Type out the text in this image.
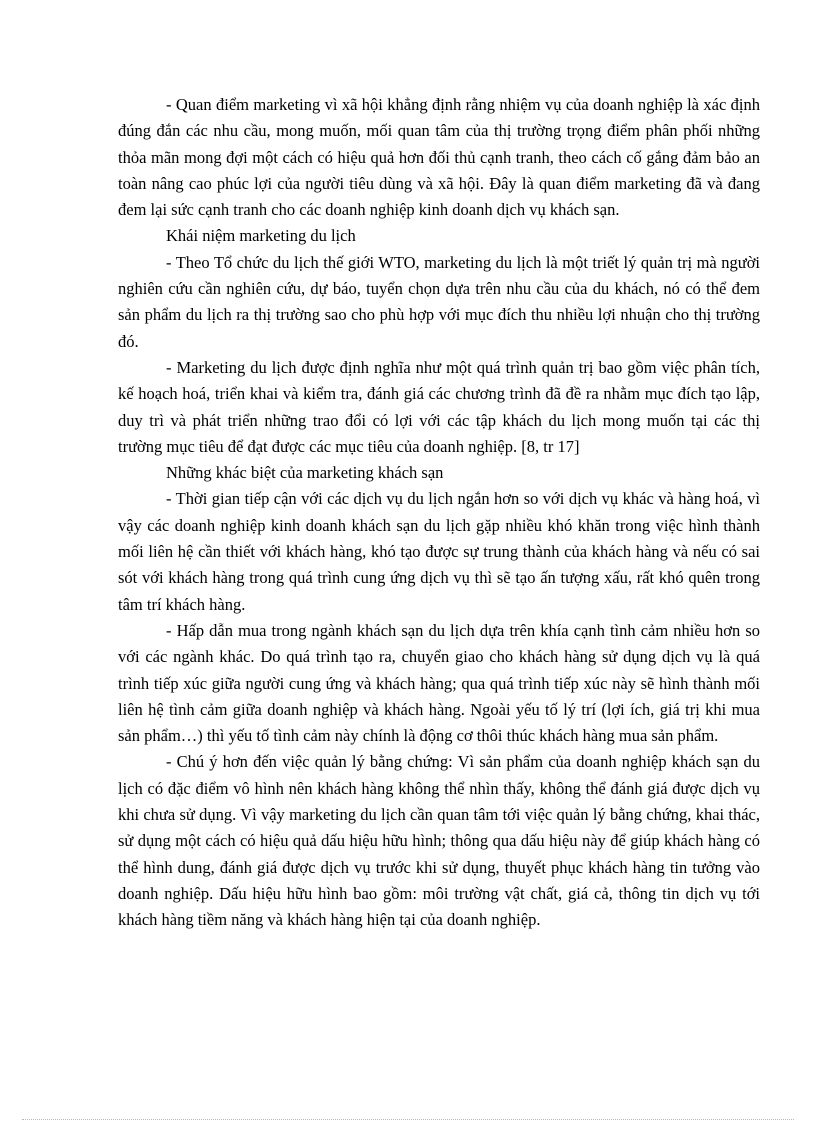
- Quan điểm marketing vì xã hội khẳng định rằng nhiệm vụ của doanh nghiệp là xác định đúng đắn các nhu cầu, mong muốn, mối quan tâm của thị trường trọng điểm phân phối những thỏa mãn mong đợi một cách có hiệu quả hơn đối thủ cạnh tranh, theo cách cố gắng đảm bảo an toàn nâng cao phúc lợi của người tiêu dùng và xã hội. Đây là quan điểm marketing đã và đang đem lại sức cạnh tranh cho các doanh nghiệp kinh doanh dịch vụ khách sạn.

Khái niệm marketing du lịch

- Theo Tổ chức du lịch thế giới WTO, marketing du lịch là một triết lý quản trị mà người nghiên cứu cần nghiên cứu, dự báo, tuyển chọn dựa trên nhu cầu của du khách, nó có thể đem sản phẩm du lịch ra thị trường sao cho phù hợp với mục đích thu nhiều lợi nhuận cho thị trường đó.

- Marketing du lịch được định nghĩa như một quá trình quản trị bao gồm việc phân tích, kế hoạch hoá, triển khai và kiểm tra, đánh giá các chương trình đã đề ra nhằm mục đích tạo lập, duy trì và phát triển những trao đổi có lợi với các tập khách du lịch mong muốn tại các thị trường mục tiêu để đạt được các mục tiêu của doanh nghiệp. [8, tr 17]

Những khác biệt của marketing khách sạn

- Thời gian tiếp cận với các dịch vụ du lịch ngắn hơn so với dịch vụ khác và hàng hoá, vì vậy các doanh nghiệp kinh doanh khách sạn du lịch gặp nhiều khó khăn trong việc hình thành mối liên hệ cần thiết với khách hàng, khó tạo được sự trung thành của khách hàng và nếu có sai sót với khách hàng trong quá trình cung ứng dịch vụ thì sẽ tạo ấn tượng xấu, rất khó quên trong tâm trí khách hàng.

- Hấp dẫn mua trong ngành khách sạn du lịch dựa trên khía cạnh tình cảm nhiều hơn so với các ngành khác. Do quá trình tạo ra, chuyển giao cho khách hàng sử dụng dịch vụ là quá trình tiếp xúc giữa người cung ứng và khách hàng; qua quá trình tiếp xúc này sẽ hình thành mối liên hệ tình cảm giữa doanh nghiệp và khách hàng. Ngoài yếu tố lý trí (lợi ích, giá trị khi mua sản phẩm…) thì yếu tố tình cảm này chính là động cơ thôi thúc khách hàng mua sản phẩm.

- Chú ý hơn đến việc quản lý bằng chứng: Vì sản phẩm của doanh nghiệp khách sạn du lịch có đặc điểm vô hình nên khách hàng không thể nhìn thấy, không thể đánh giá được dịch vụ khi chưa sử dụng. Vì vậy marketing du lịch cần quan tâm tới việc quản lý bằng chứng, khai thác, sử dụng một cách có hiệu quả dấu hiệu hữu hình; thông qua dấu hiệu này để giúp khách hàng có thể hình dung, đánh giá được dịch vụ trước khi sử dụng, thuyết phục khách hàng tin tưởng vào doanh nghiệp. Dấu hiệu hữu hình bao gồm: môi trường vật chất, giá cả, thông tin dịch vụ tới khách hàng tiềm năng và khách hàng hiện tại của doanh nghiệp.
